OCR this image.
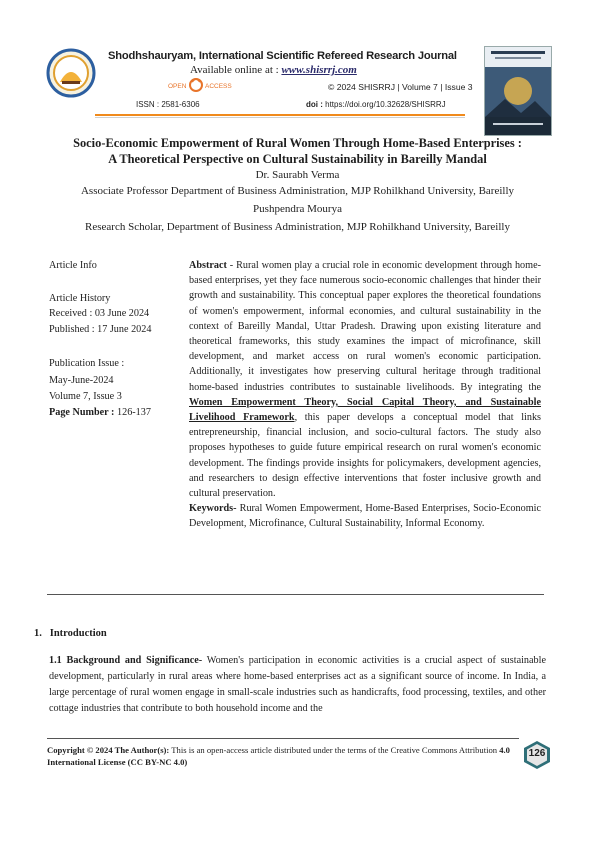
Shodhshauryam, International Scientific Refereed Research Journal
Available online at : www.shisrrj.com
OPEN	ACCESS	© 2024 SHISRRJ | Volume 7 | Issue 3
ISSN : 2581-6306	doi : https://doi.org/10.32628/SHISRRJ
Socio-Economic Empowerment of Rural Women Through Home-Based Enterprises :
A Theoretical Perspective on Cultural Sustainability in Bareilly Mandal
Dr. Saurabh Verma
Associate Professor Department of Business Administration, MJP Rohilkhand University, Bareilly
Pushpendra Mourya
Research Scholar, Department of Business Administration, MJP Rohilkhand University, Bareilly
Article Info
Article History
Received : 03 June 2024
Published : 17 June 2024
Publication Issue :
May-June-2024
Volume 7, Issue 3
Page Number : 126-137
Abstract - Rural women play a crucial role in economic development through home-based enterprises, yet they face numerous socio-economic challenges that hinder their growth and sustainability. This conceptual paper explores the theoretical foundations of women's empowerment, informal economies, and cultural sustainability in the context of Bareilly Mandal, Uttar Pradesh. Drawing upon existing literature and theoretical frameworks, this study examines the impact of microfinance, skill development, and market access on rural women's economic participation. Additionally, it investigates how preserving cultural heritage through traditional home-based industries contributes to sustainable livelihoods. By integrating the Women Empowerment Theory, Social Capital Theory, and Sustainable Livelihood Framework, this paper develops a conceptual model that links entrepreneurship, financial inclusion, and socio-cultural factors. The study also proposes hypotheses to guide future empirical research on rural women's economic development. The findings provide insights for policymakers, development agencies, and researchers to design effective interventions that foster inclusive growth and cultural preservation.
Keywords- Rural Women Empowerment, Home-Based Enterprises, Socio-Economic Development, Microfinance, Cultural Sustainability, Informal Economy.
1.   Introduction
1.1 Background and Significance- Women's participation in economic activities is a crucial aspect of sustainable development, particularly in rural areas where home-based enterprises act as a significant source of income. In India, a large percentage of rural women engage in small-scale industries such as handicrafts, food processing, textiles, and other cottage industries that contribute to both household income and the
Copyright © 2024 The Author(s): This is an open-access article distributed under the terms of the Creative Commons Attribution 4.0 International License (CC BY-NC 4.0)
126
